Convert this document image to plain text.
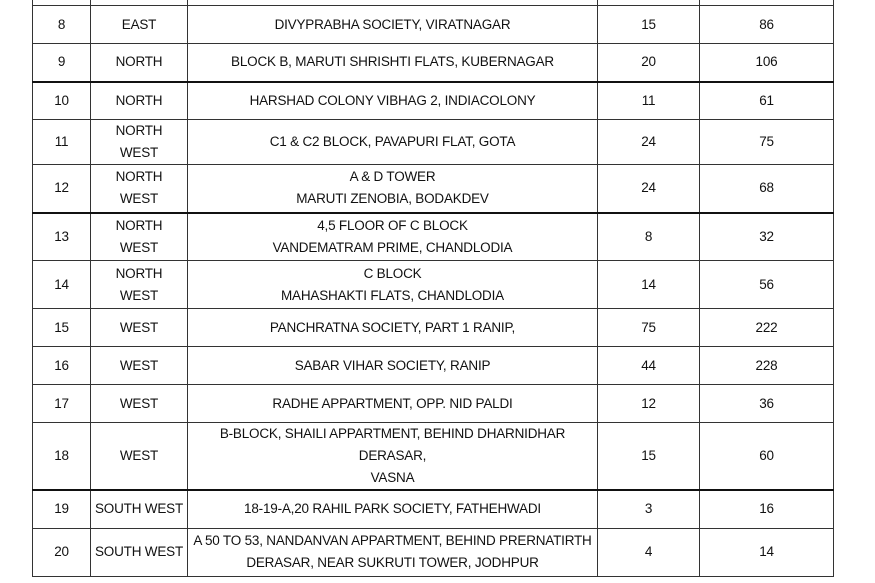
8	EAST	DIVYPRABHA SOCIETY, VIRATNAGAR	15	86
9	NORTH	BLOCK B, MARUTI SHRISHTI FLATS, KUBERNAGAR	20	106
10	NORTH	HARSHAD COLONY VIBHAG 2, INDIACOLONY	11	61
11	NORTH WEST	C1 & C2 BLOCK, PAVAPURI FLAT, GOTA	24	75
12	NORTH WEST	A & D TOWER
MARUTI ZENOBIA, BODAKDEV	24	68
13	NORTH WEST	4,5 FLOOR OF C BLOCK
VANDEMATRAM PRIME, CHANDLODIA	8	32
14	NORTH WEST	C BLOCK
MAHASHAKTI FLATS, CHANDLODIA	14	56
15	WEST	PANCHRATNA SOCIETY, PART 1 RANIP,	75	222
16	WEST	SABAR VIHAR SOCIETY, RANIP	44	228
17	WEST	RADHE APPARTMENT, OPP. NID PALDI	12	36
18	WEST	B-BLOCK, SHAILI APPARTMENT, BEHIND DHARNIDHAR DERASAR,
VASNA	15	60
19	SOUTH WEST	18-19-A,20 RAHIL PARK SOCIETY, FATHEHWADI	3	16
20	SOUTH WEST	A 50 TO 53, NANDANVAN APPARTMENT, BEHIND PRERNATIRTH
DERASAR, NEAR SUKRUTI TOWER, JODHPUR	4	14
